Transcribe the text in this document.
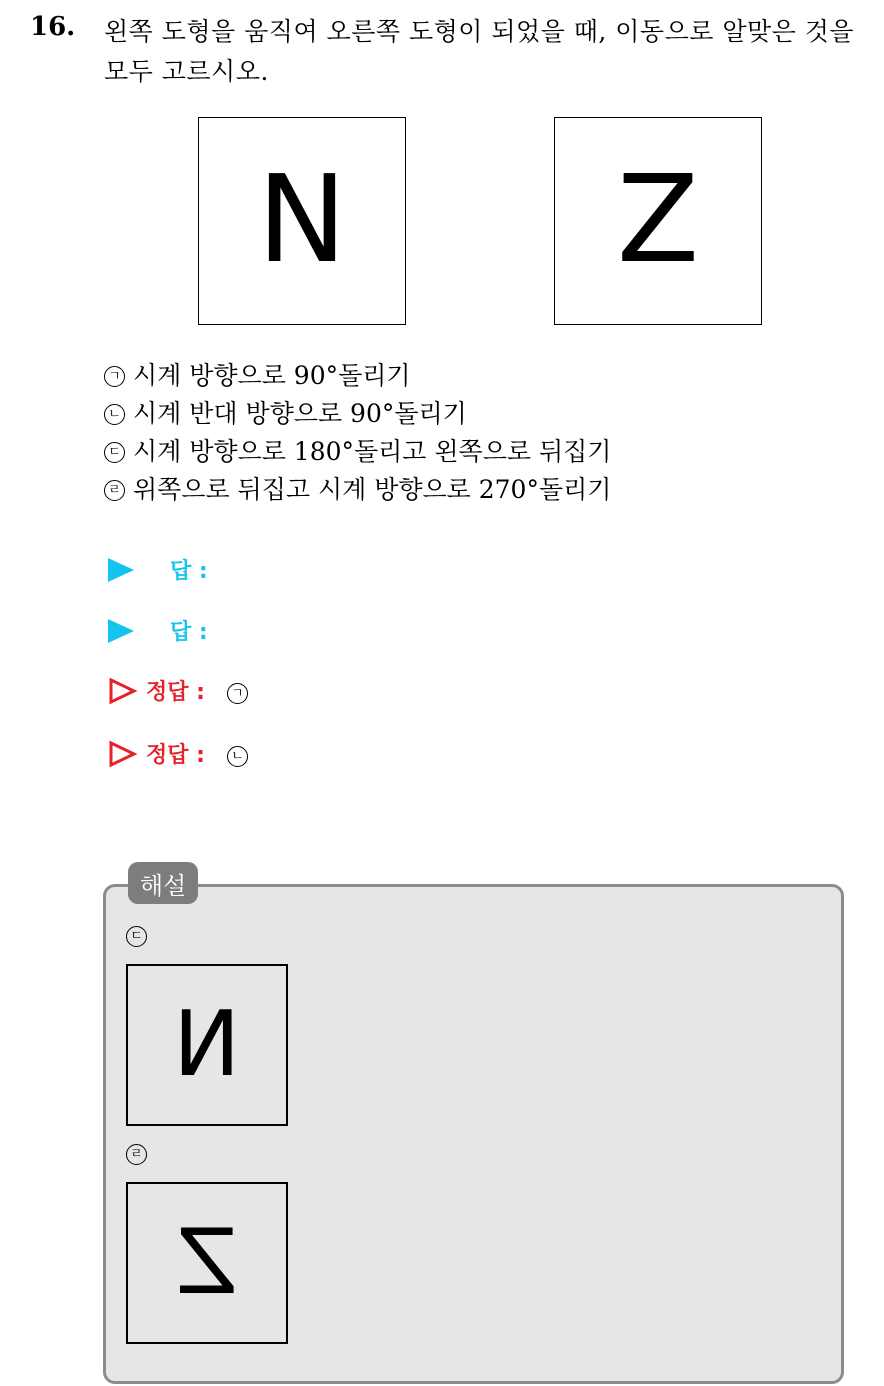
16. 왼쪽 도형을 움직여 오른쪽 도형이 되었을 때, 이동으로 알맞은 것을 모두 고르시오.
N Z
ㄱ 시계 방향으로 90°돌리기
ㄴ 시계 반대 방향으로 90°돌리기
ㄷ 시계 방향으로 180°돌리고 왼쪽으로 뒤집기
ㄹ 위쪽으로 뒤집고 시계 방향으로 270°돌리기
답 :
답 :
정답 :	ㄱ
정답 :	ㄴ
해설
ㄷ
N
ㄹ
Z
